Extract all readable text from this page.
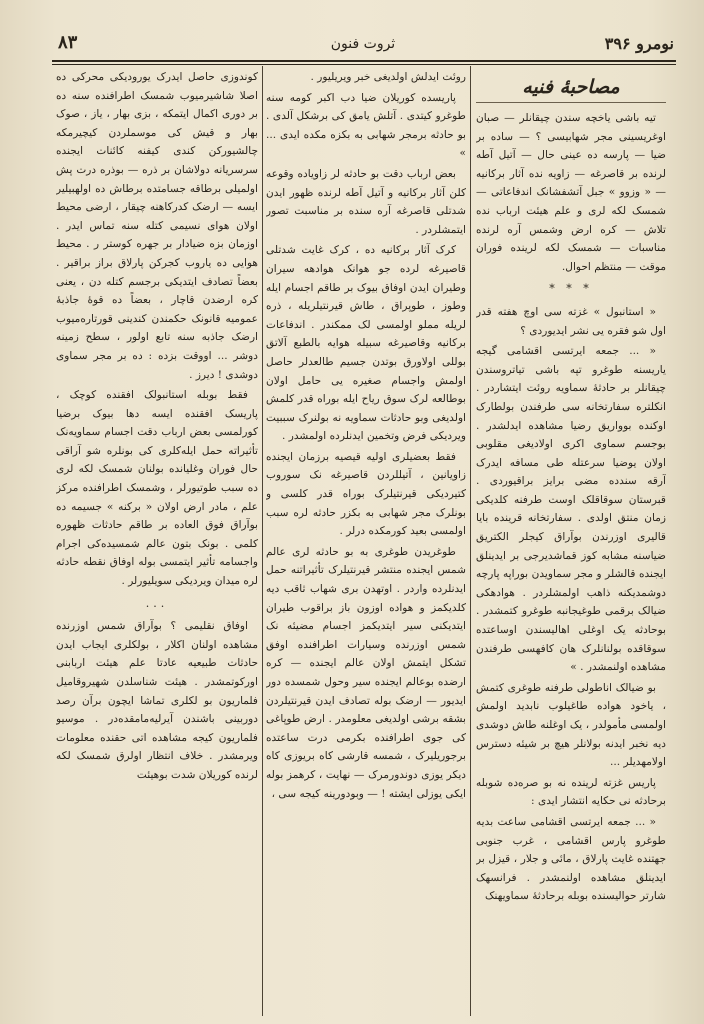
نومرو ۳۹۶
ثروت فنون
۸۳
مصاحبهٔ فنیه

تیه باشی یاخچه سندن چیقانلر — صبان اوغریسینی مجر شهابیسی ؟ — ساده بر ضیا — پارسه ده عینی حال — آتیل آطه لرنده بر قاصرغه — زاویه نده آثار برکانیه — « وزوو » جبل آتشفشانک اندفاعاتی — شمسک لکه لری و علم هیئت ارباب نده تلاش — کره ارض وشمس آره لرنده مناسبات — شمسک لکه لرینده فوران موقت — منتظم احوال.

* * *

« استانبول » غزته سی اوچ هفته قدر اول شو فقره یی نشر ایدیوردی ؟

« ... جمعه ایرتسی اقشامی گیجه یاریسنه طوغرو تپه باشی تیاتروسندن چیقانلر بر حادثهٔ سماویه روئت ایتشاردر . انکلتره سفارتخانه سی طرفندن بولطارک اوکنده بوواریق رضیا مشاهده ایدلشدر . بوجسم سماوی اکری اولادیغی مقلوبی اولان یوضیا سرعتله طی مسافه ایدرک آرقه سندده مضی برایز براقیوردی . قبرستان سوقاقلک اوست طرفنه کلدیکی زمان منتق اولدی . سفارتخانه قرینده بایا قالیری اوزرندن بوآراق کیجلر الکتریق ضیاسنه مشابه کوز قماشدیرجی بر ایدینلق ایجنده قالشلر و مجر سماویدن بوراپه پارچه دوشمدیکنه ذاهب اولمشلردر . هوادهکی ضیالک برقمی طوغیجانبه طوغرو کتمشدر . بوحادثه یک اوغلی اهالیسندن اوساعتده سوقاقده بولنانلرک هان کافهسی طرفندن مشاهده اولنمشدر . »

بو ضیالک اناطولی طرفنه طوغری کتمش ، یاخود هواده طاغیلوب نابدید اولمش اولمسی مأمولدر ، یک اوغلنه طاش دوشدی دیه نخبر ایدنه بولانلر هیچ بر شیئه دسترس اولامهدیلر ...

پاریس غزته لرینده نه بو صره‌ده شوبله برحادثه نی حکایه انتشار ایدی :

« ... جمعه ایرتسی اقشامی ساعت بدیه طوغرو پارس اقشامی ، غرب جنوبی جهتنده غایت پارلاق ، مائی و جلار ، قیزل بر ایدینلق مشاهده اولنمشدر . فرانسهک شارتر حوالیسنده بوبله برحادثهٔ سماویهنک

روئت ایدلش اولدیغی خبر ویریلیور .

پاریسده کوریلان ضیا دب اکبر کومه سنه طوغرو کیتدی . آتلش یامق کی برشکل آلدی . بو حادثه برمجر شهابی به بکزه مکده ایدی ... »

بعض ارباب دقت بو حادثه لر زاویاده وقوعه کلن آثار برکانیه و آتیل آطه لرنده ظهور ایدن شدتلی قاصرغه آره سنده بر مناسبت تصور ایتمشلردر .

کرک آثار برکانیه ده ، کرک غایت شدتلی قاصیرغه لرده جو هوانک هوادهه سیران وطیران ایدن اوفاق بیوک بر طاقم اجسام ایله وطوز ، طوپراق ، طاش قیرنتیلریله ، ذره لریله مملو اولمسی لک ممکندر . اندفاعات برکانیه وقاصیرغه سبیله هوایه بالطبع آلاتق بوللی اولاورق بوتدن جسیم طالعدلر حاصل اولمش واجسام صغیره یی حامل اولان بوطالعه لرک سوق ریاح ایله بوراه قدر کلمش اولدیغی وبو حادثات سماویه نه بولنرک سببیت ویردیکی فرض وتخمین ایدنلرده اولمشدر .

فقط بعضیلری اولیه قیصیه برزمان ایجنده زاویانین ، آتیللردن قاصیرغه نک سوروب کتیردیکی قیرنتیلرک بوراه قدر کلسی و بونلرک مجر شهابی به بکزر حادثه لره سبب اولمسی بعید کورمکده درلر .

طوغریدن طوغری به بو حادثه لری عالم شمس ایجنده منتشر قیرنتیلرک تأثیراتنه حمل ایدنلرده واردر . اوتهدن بری شهاب ثاقب دیه کلدیکمز و هواده اوزون باز براقوب طیران ایتدیکنی سیر ایتدیکمز اجسام مضیئه نک شمس اوزرنده وسیارات اطرافنده اوفق تشکل ایتمش اولان عالم ایجنده — کره ارضده بوعالم ایجنده سیر وحول شمسده دور ایدیور — ارضک بوله تصادف ایدن قیرنتیلردن بشقه برشی اولدیغی معلومدر . ارض طوپاغی کی جوی اطرافنده بکرمی درت ساعتده برجوریلیرک ، شمسه قارشی کاه بریوزی کاه دیکر یوزی دوندورمرک — نهایت ، کرهمز بوله ایکی یوزلی ایشته ! — وبودورینه کیجه سی ،

کوندوزی حاصل ایدرک یورودیکی محرکی ده اصلا شاشیرمیوب شمسک اطرافنده سنه ده بر دوری اکمال ایتمکه ، بزی بهار ، یاز ، صوک بهار و قیش کی موسملردن کیچیرمکه چالشیورکن کندی کیفنه کائنات ایجنده سرسریانه دولاشان بر ذره — بوذره درت پش اولمیلی برطاقه جسامتده برطاش ده اولهبیلیر ایسه — ارضک کدرکاهنه چیقار ، ارضی محیط اولان هوای نسیمی کتله سنه تماس ایدر . اوزمان بزه ضیادار بر جهره کوستر ر . محیط هوایی ده یاروب کجرکن پارلاق براز براقیر . بعضاً تصادف ایتدیکی برجسم کتله دن ، یعنی کره ارضدن قاچار ، بعضاً ده قوهٔ جاذبهٔ عمومیه قانونک حکمندن کندینی قورتاره‌میوب ارضک جاذبه سنه تابع اولور ، سطح زمینه دوشر ... اووقت بزده : ده بر مجر سماوی دوشدی ! دیرز .

فقط بوبله استانبولک افقنده کوچک ، پاریسک افقنده ایسه دها بیوک برضیا کورلمسی بعض ارباب دقت اجسام سماویه‌نک تأثیراته حمل ایله‌کلری کی بونلره شو آراقی حال فوران وغلیانده بولنان شمسک لکه لری ده سبب طوتیورلر ، وشمسک اطرافنده مرکز علم ، مادر ارض اولان « برکنه » جسیمه ده بوآراق فوق العاده بر طاقم حادثات ظهوره کلمی . بونک بتون عالم شمسیده‌کی اجرام واجسامه تأثیر ایتمسی بوله اوفاق نقطه حادثه لره میدان ویردیکی سویلیورلر .

...

اوفاق نقلیمی ؟ بوآراق شمس اوزرنده مشاهده اولنان اکلار ، بولکلری ایجاب ایدن حادثات طبیعیه عادتا علم هیئت اربابنی اورکوتمشدر . هیئت شناسلدن شهیروقامیل فلماریون بو لکلری تماشا ایچون برآن رصد دوربینی باشندن آیرلیه‌مامقده‌در . موسیو فلماریون کیجه مشاهده اتی حقنده معلومات ویرمشدر . خلاف انتظار اولرق شمسک لکه لرنده کوریلان شدت بوهیئت
